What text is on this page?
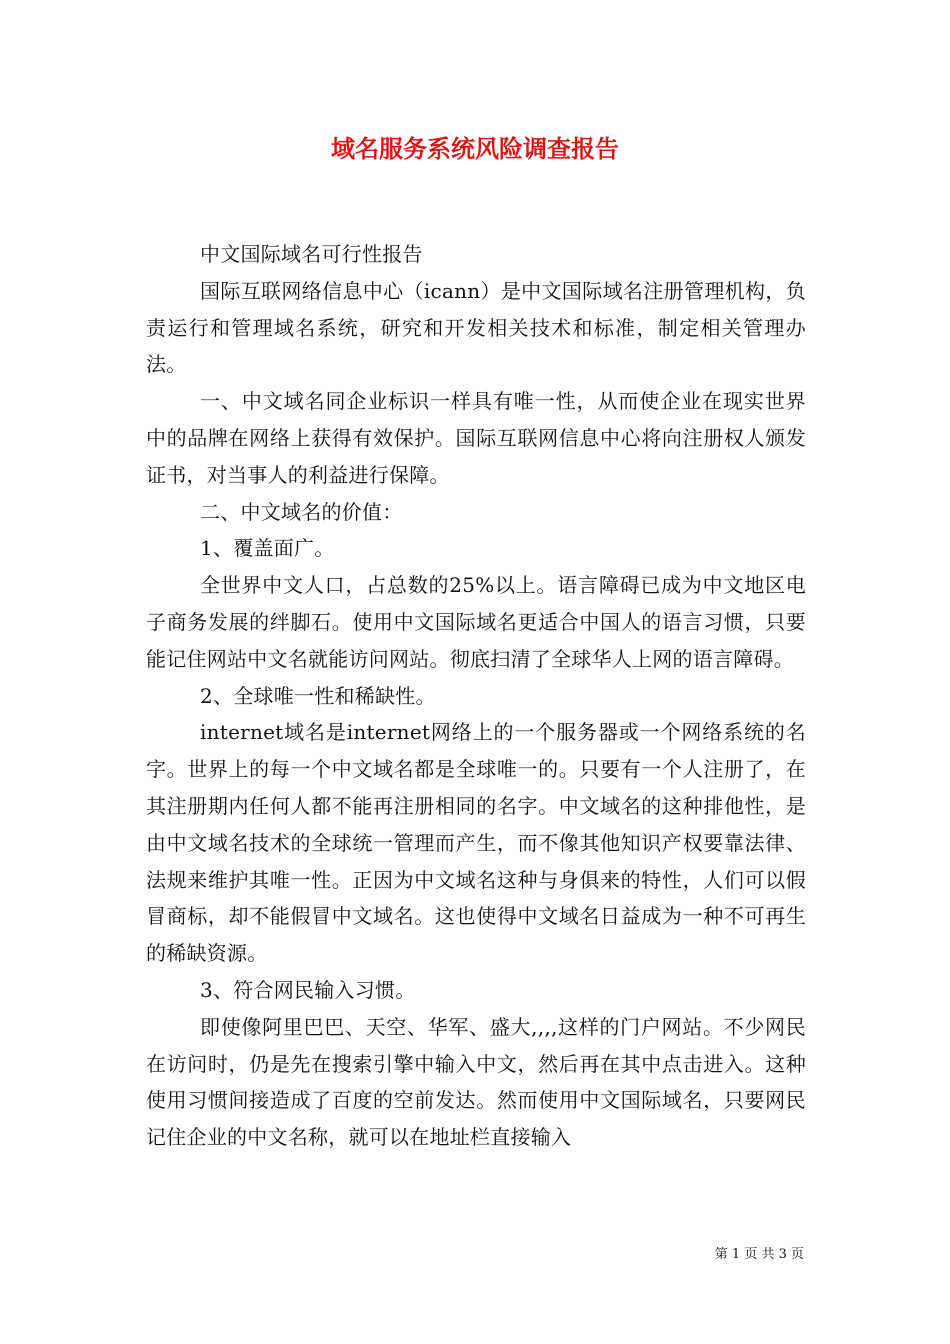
域名服务系统风险调查报告

中文国际域名可行性报告

国际互联网络信息中心（icann）是中文国际域名注册管理机构，负责运行和管理域名系统，研究和开发相关技术和标准，制定相关管理办法。

一、中文域名同企业标识一样具有唯一性，从而使企业在现实世界中的品牌在网络上获得有效保护。国际互联网信息中心将向注册权人颁发证书，对当事人的利益进行保障。

二、中文域名的价值：

1、覆盖面广。

全世界中文人口，占总数的25%以上。语言障碍已成为中文地区电子商务发展的绊脚石。使用中文国际域名更适合中国人的语言习惯，只要能记住网站中文名就能访问网站。彻底扫清了全球华人上网的语言障碍。

2、全球唯一性和稀缺性。

internet域名是internet网络上的一个服务器或一个网络系统的名字。世界上的每一个中文域名都是全球唯一的。只要有一个人注册了，在其注册期内任何人都不能再注册相同的名字。中文域名的这种排他性，是由中文域名技术的全球统一管理而产生，而不像其他知识产权要靠法律、法规来维护其唯一性。正因为中文域名这种与身俱来的特性，人们可以假冒商标，却不能假冒中文域名。这也使得中文域名日益成为一种不可再生的稀缺资源。

3、符合网民输入习惯。

即使像阿里巴巴、天空、华军、盛大,,,,这样的门户网站。不少网民在访问时，仍是先在搜索引擎中输入中文，然后再在其中点击进入。这种使用习惯间接造成了百度的空前发达。然而使用中文国际域名，只要网民记住企业的中文名称，就可以在地址栏直接输入

第 1 页 共 3 页
